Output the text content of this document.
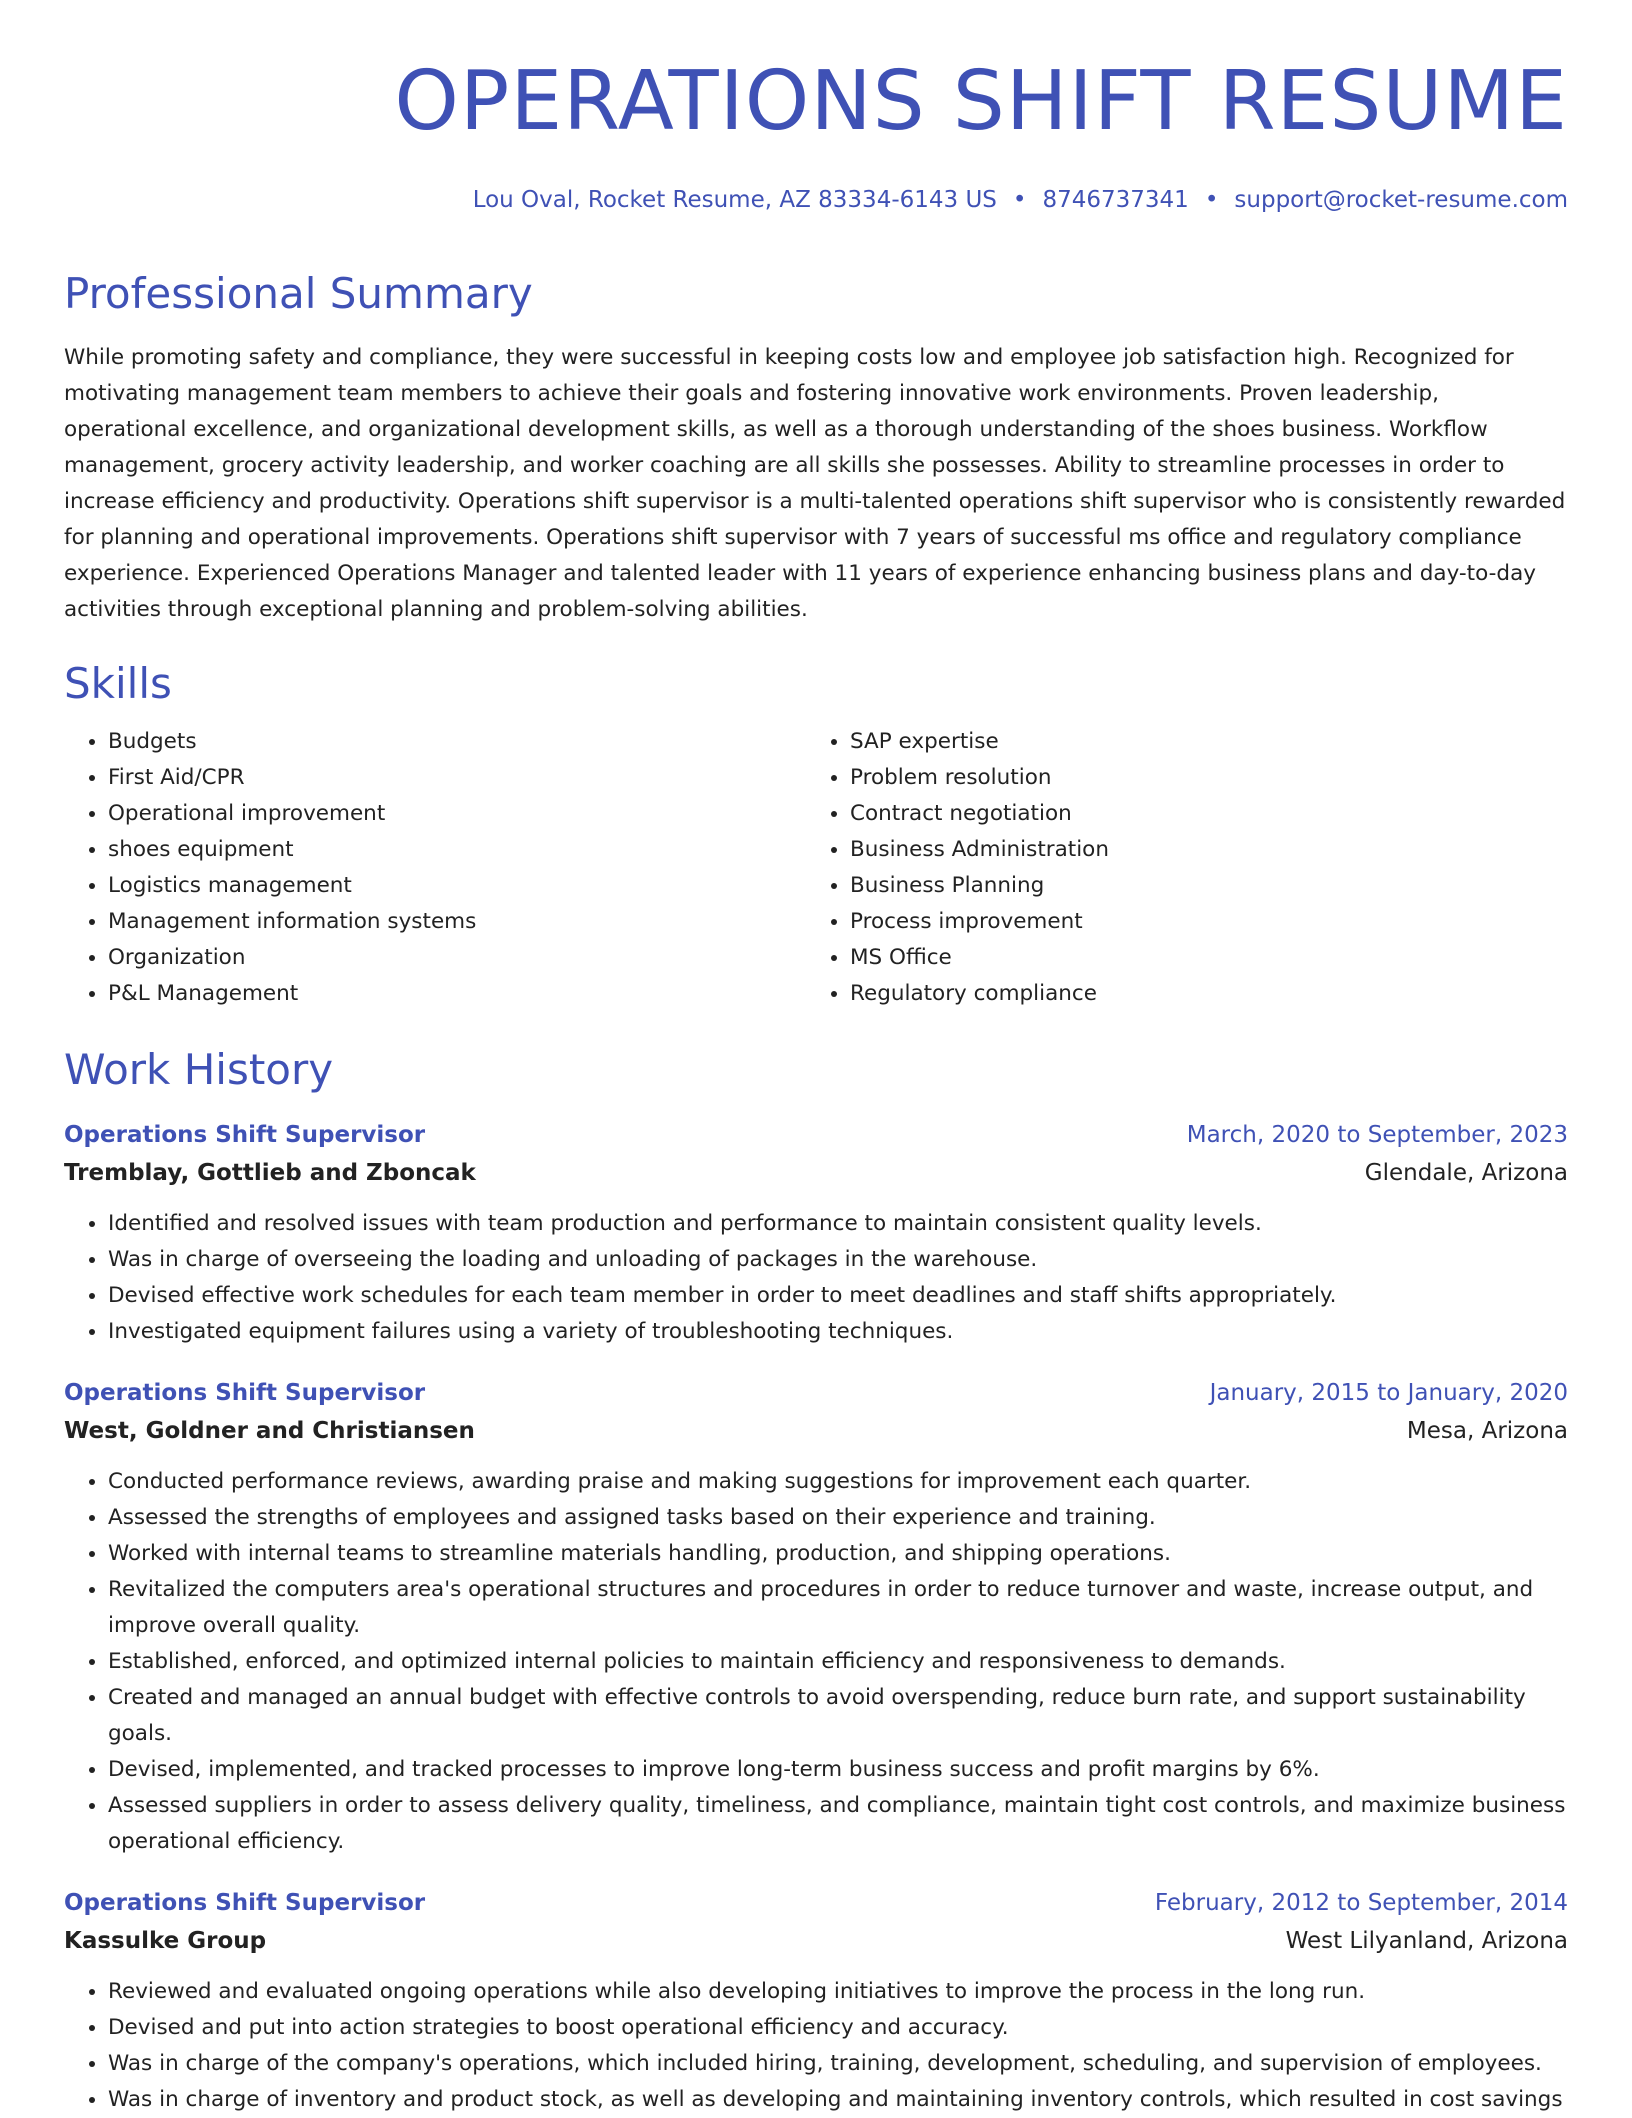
OPERATIONS SHIFT RESUME
Lou Oval, Rocket Resume, AZ 83334-6143 US • 8746737341 • support@rocket-resume.com
Professional Summary

While promoting safety and compliance, they were successful in keeping costs low and employee job satisfaction high. Recognized for motivating management team members to achieve their goals and fostering innovative work environments. Proven leadership, operational excellence, and organizational development skills, as well as a thorough understanding of the shoes business. Workflow management, grocery activity leadership, and worker coaching are all skills she possesses. Ability to streamline processes in order to increase efficiency and productivity. Operations shift supervisor is a multi-talented operations shift supervisor who is consistently rewarded for planning and operational improvements. Operations shift supervisor with 7 years of successful ms office and regulatory compliance experience. Experienced Operations Manager and talented leader with 11 years of experience enhancing business plans and day-to-day activities through exceptional planning and problem-solving abilities.

Skills
• Budgets
• First Aid/CPR
• Operational improvement
• shoes equipment
• Logistics management
• Management information systems
• Organization
• P&L Management
• SAP expertise
• Problem resolution
• Contract negotiation
• Business Administration
• Business Planning
• Process improvement
• MS Office
• Regulatory compliance
Work History
Operations Shift Supervisor	March, 2020 to September, 2023
Tremblay, Gottlieb and Zboncak	Glendale, Arizona
• Identified and resolved issues with team production and performance to maintain consistent quality levels.
• Was in charge of overseeing the loading and unloading of packages in the warehouse.
• Devised effective work schedules for each team member in order to meet deadlines and staff shifts appropriately.
• Investigated equipment failures using a variety of troubleshooting techniques.
Operations Shift Supervisor	January, 2015 to January, 2020
West, Goldner and Christiansen	Mesa, Arizona
• Conducted performance reviews, awarding praise and making suggestions for improvement each quarter.
• Assessed the strengths of employees and assigned tasks based on their experience and training.
• Worked with internal teams to streamline materials handling, production, and shipping operations.
• Revitalized the computers area's operational structures and procedures in order to reduce turnover and waste, increase output, and improve overall quality.
• Established, enforced, and optimized internal policies to maintain efficiency and responsiveness to demands.
• Created and managed an annual budget with effective controls to avoid overspending, reduce burn rate, and support sustainability goals.
• Devised, implemented, and tracked processes to improve long-term business success and profit margins by 6%.
• Assessed suppliers in order to assess delivery quality, timeliness, and compliance, maintain tight cost controls, and maximize business operational efficiency.
Operations Shift Supervisor	February, 2012 to September, 2014
Kassulke Group	West Lilyanland, Arizona
• Reviewed and evaluated ongoing operations while also developing initiatives to improve the process in the long run.
• Devised and put into action strategies to boost operational efficiency and accuracy.
• Was in charge of the company's operations, which included hiring, training, development, scheduling, and supervision of employees.
• Was in charge of inventory and product stock, as well as developing and maintaining inventory controls, which resulted in cost savings
